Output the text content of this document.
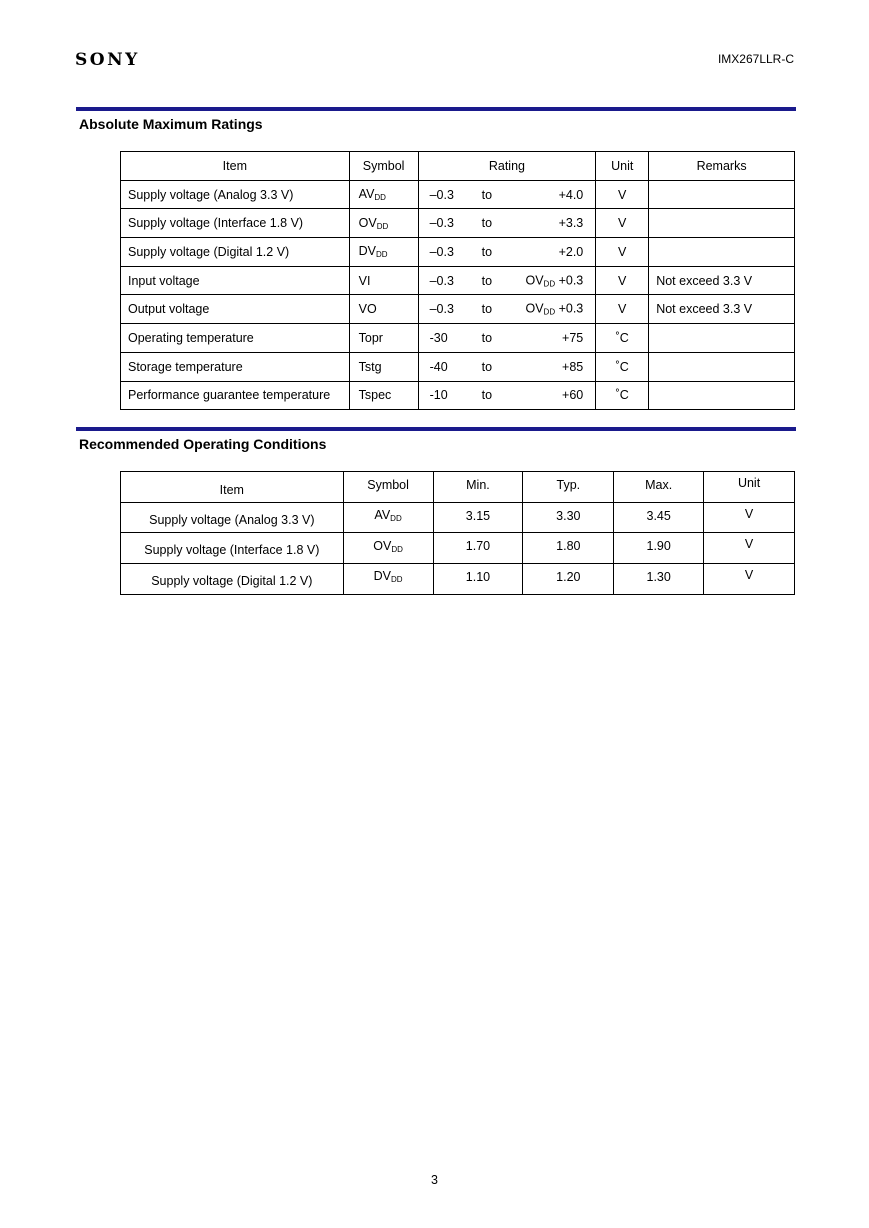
SONY	IMX267LLR-C
Absolute Maximum Ratings
Item	Symbol	Rating	Unit	Remarks
Supply voltage (Analog 3.3 V)	$AV_{DD}$	–0.3 to +4.0	V	
Supply voltage (Interface 1.8 V)	$OV_{DD}$	–0.3 to +3.3	V	
Supply voltage (Digital 1.2 V)	$DV_{DD}$	–0.3 to +2.0	V	
Input voltage	VI	–0.3 to $OV_{DD} +0.3$	V	Not exceed 3.3 V
Output voltage	VO	–0.3 to $OV_{DD} +0.3$	V	Not exceed 3.3 V
Operating temperature	Topr	-30 to +75	˚C	
Storage temperature	Tstg	-40 to +85	˚C	
Performance guarantee temperature	Tspec	-10 to +60	˚C	
Recommended Operating Conditions
Item	Symbol	Min.	Typ.	Max.	Unit
Supply voltage (Analog 3.3 V)	$AV_{DD}$	3.15	3.30	3.45	V
Supply voltage (Interface 1.8 V)	$OV_{DD}$	1.70	1.80	1.90	V
Supply voltage (Digital 1.2 V)	$DV_{DD}$	1.10	1.20	1.30	V
3
